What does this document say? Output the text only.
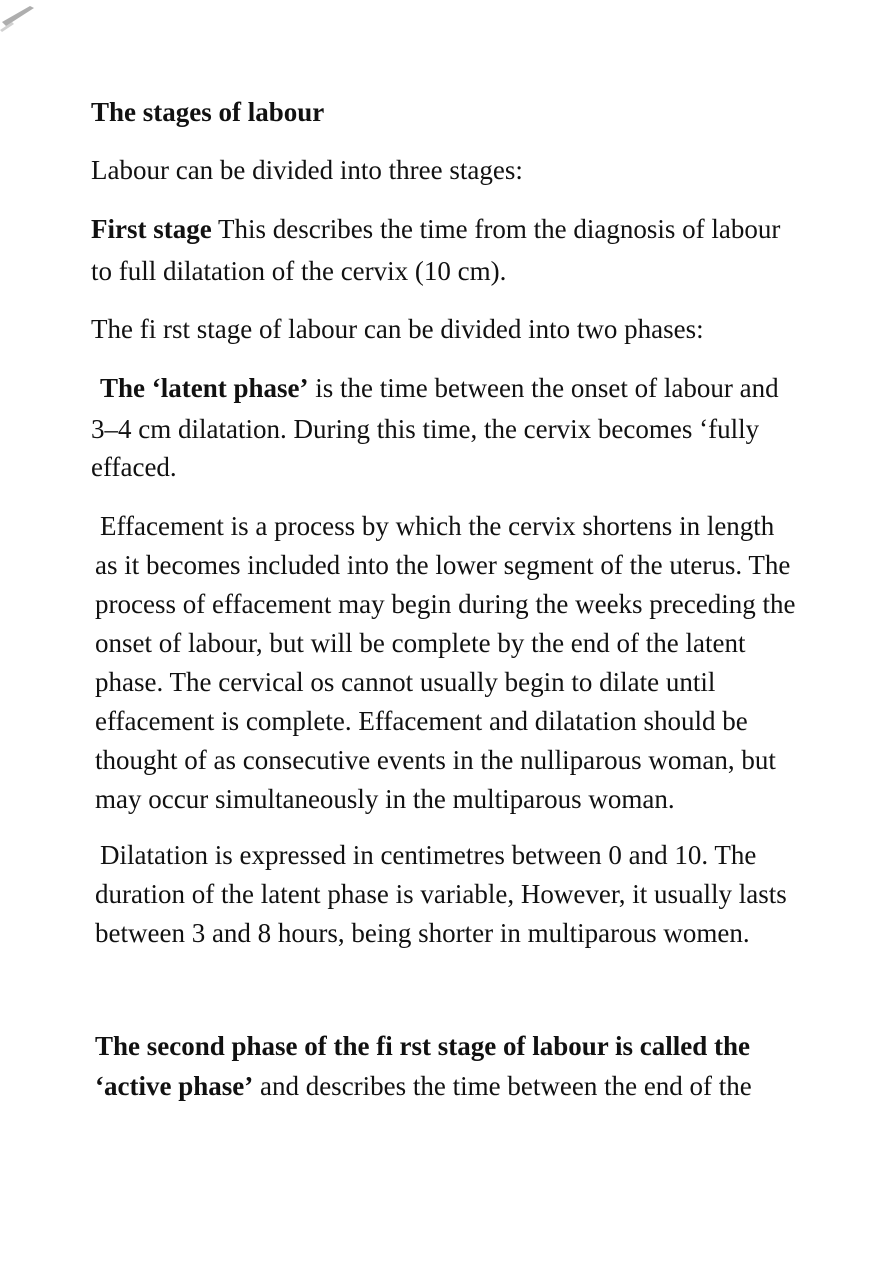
The stages of labour
Labour can be divided into three stages:
First stage This describes the time from the diagnosis of labour
to full dilatation of the cervix (10 cm).
The fi rst stage of labour can be divided into two phases:
The ‘latent phase’ is the time between the onset of labour and
3–4 cm dilatation. During this time, the cervix becomes ‘fully
effaced.
Effacement is a process by which the cervix shortens in length
as it becomes included into the lower segment of the uterus. The
process of effacement may begin during the weeks preceding the
onset of labour, but will be complete by the end of the latent
phase. The cervical os cannot usually begin to dilate until
effacement is complete. Effacement and dilatation should be
thought of as consecutive events in the nulliparous woman, but
may occur simultaneously in the multiparous woman.
Dilatation is expressed in centimetres between 0 and 10. The
duration of the latent phase is variable, However, it usually lasts
between 3 and 8 hours, being shorter in multiparous women.
The second phase of the fi rst stage of labour is called the
‘active phase’ and describes the time between the end of the
